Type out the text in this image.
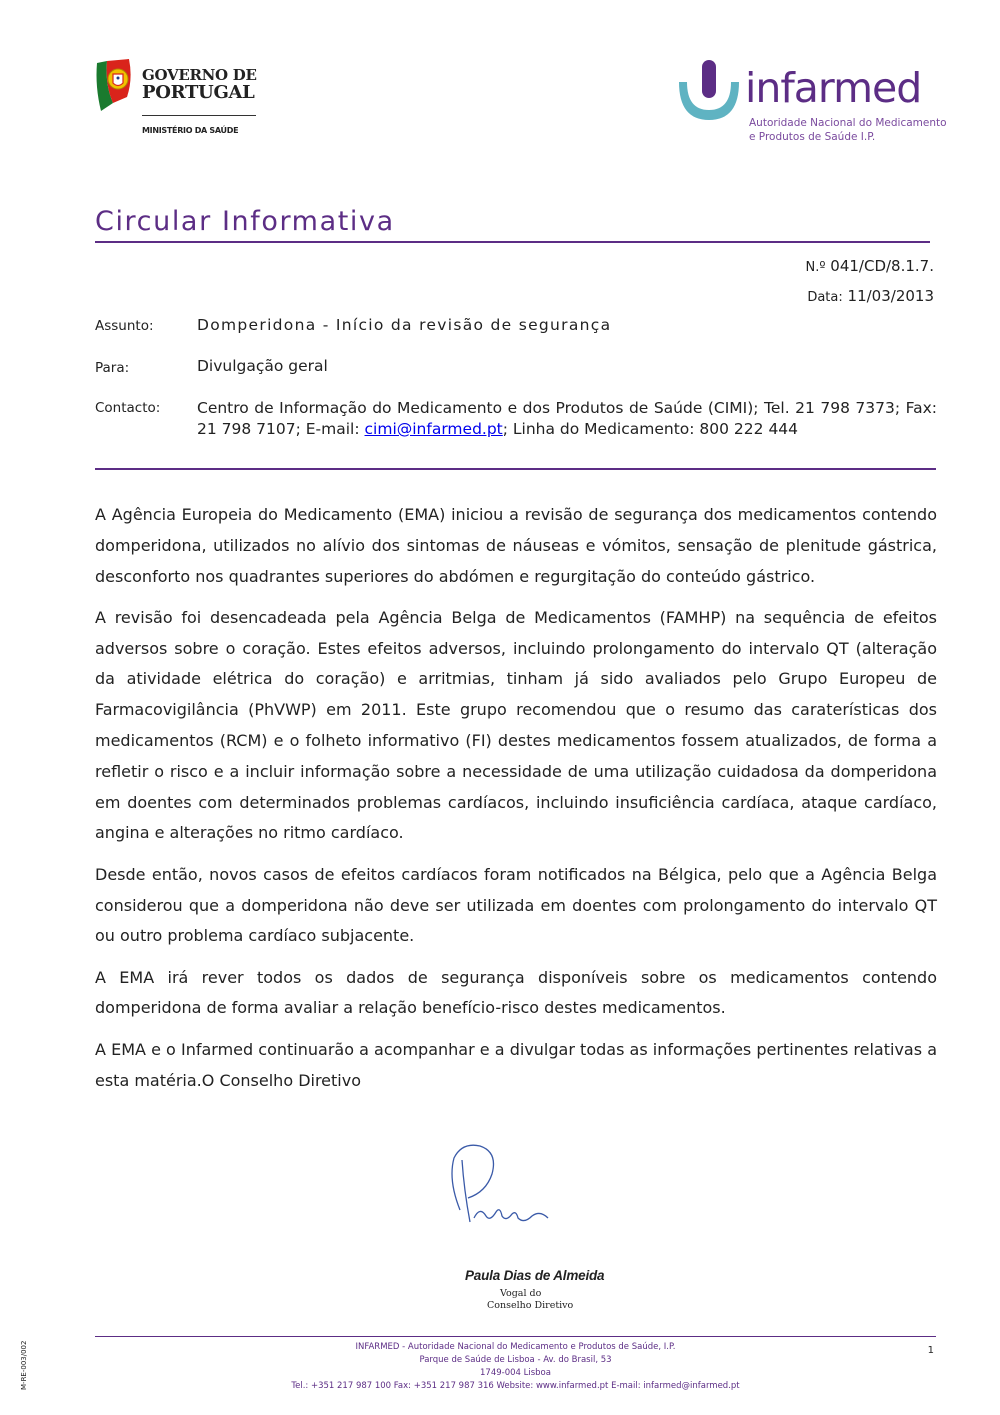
GOVERNO DE
PORTUGAL
MINISTÉRIO DA SAÚDE
infarmed
Autoridade Nacional do Medicamento
e Produtos de Saúde I.P.
Circular Informativa
N.º 041/CD/8.1.7.
Data: 11/03/2013
Assunto:	Domperidona - Início da revisão de segurança
Para:	Divulgação geral
Contacto: Centro de Informação do Medicamento e dos Produtos de Saúde (CIMI); Tel. 21 798 7373; Fax: 21 798 7107; E-mail: cimi@infarmed.pt; Linha do Medicamento: 800 222 444

A Agência Europeia do Medicamento (EMA) iniciou a revisão de segurança dos medicamentos contendo domperidona, utilizados no alívio dos sintomas de náuseas e vómitos, sensação de plenitude gástrica, desconforto nos quadrantes superiores do abdómen e regurgitação do conteúdo gástrico.

A revisão foi desencadeada pela Agência Belga de Medicamentos (FAMHP) na sequência de efeitos adversos sobre o coração. Estes efeitos adversos, incluindo prolongamento do intervalo QT (alteração da atividade elétrica do coração) e arritmias, tinham já sido avaliados pelo Grupo Europeu de Farmacovigilância (PhVWP) em 2011. Este grupo recomendou que o resumo das caraterísticas dos medicamentos (RCM) e o folheto informativo (FI) destes medicamentos fossem atualizados, de forma a refletir o risco e a incluir informação sobre a necessidade de uma utilização cuidadosa da domperidona em doentes com determinados problemas cardíacos, incluindo insuficiência cardíaca, ataque cardíaco, angina e alterações no ritmo cardíaco.

Desde então, novos casos de efeitos cardíacos foram notificados na Bélgica, pelo que a Agência Belga considerou que a domperidona não deve ser utilizada em doentes com prolongamento do intervalo QT ou outro problema cardíaco subjacente.

A EMA irá rever todos os dados de segurança disponíveis sobre os medicamentos contendo domperidona de forma avaliar a relação benefício-risco destes medicamentos.

A EMA e o Infarmed continuarão a acompanhar e a divulgar todas as informações pertinentes relativas a esta matéria.O Conselho Diretivo

Paula Dias de Almeida
Vogal do
Conselho Diretivo
INFARMED - Autoridade Nacional do Medicamento e Produtos de Saúde, I.P.
Parque de Saúde de Lisboa - Av. do Brasil, 53
1749-004 Lisboa
Tel.: +351 217 987 100 Fax: +351 217 987 316 Website: www.infarmed.pt E-mail: infarmed@infarmed.pt
1
M-RE-003/002
